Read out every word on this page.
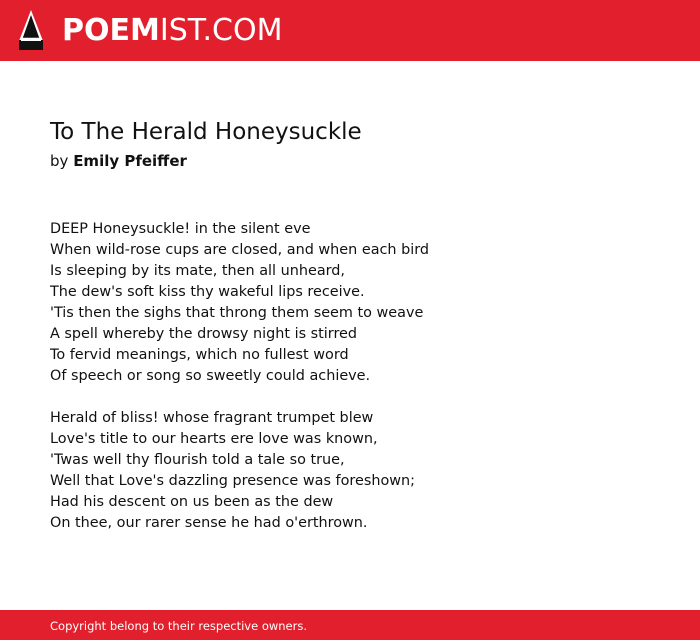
POEMIST.COM
To The Herald Honeysuckle
by Emily Pfeiffer
DEEP Honeysuckle! in the silent eve
When wild-rose cups are closed, and when each bird
Is sleeping by its mate, then all unheard,
The dew's soft kiss thy wakeful lips receive.
'Tis then the sighs that throng them seem to weave
A spell whereby the drowsy night is stirred
To fervid meanings, which no fullest word
Of speech or song so sweetly could achieve.
Herald of bliss! whose fragrant trumpet blew
Love's title to our hearts ere love was known,
'Twas well thy flourish told a tale so true,
Well that Love's dazzling presence was foreshown;
Had his descent on us been as the dew
On thee, our rarer sense he had o'erthrown.
Copyright belong to their respective owners.
